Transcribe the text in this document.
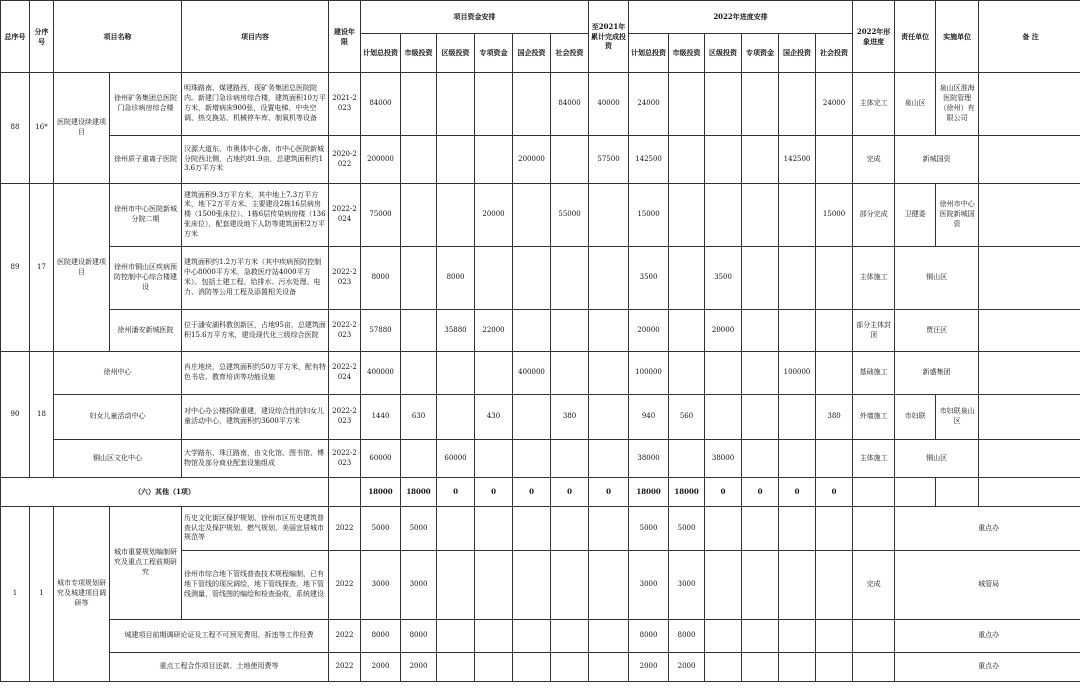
总序号	分序号	项目名称		项目内容	建设年限	项目资金安排						至2021年累计完成投资	2022年进度安排						2022年形象进度	责任单位	实施单位	备 注
						计划总投资	市级投资	区级投资	专项资金	国企投资	社会投资		计划总投资	市级投资	区级投资	专项资金	国企投资	社会投资				
88	16*	医院建设续建项目	徐州矿务集团总医院门急诊病房综合楼	明珠路南、煤建路西，现矿务集团总医院院内。新建门急诊病房综合楼，建筑面积10万平方米，新增病床900张，设置电梯、中央空调、热交换站、机械停车库、制氧机等设备	2021-2023	84000					84000	40000	24000					24000	主体完工	泉山区	泉山区淮海医院管理（徐州）有限公司	
			徐州质子重离子医院	汉源大道东、市奥体中心南、市中心医院新城分院西北侧，占地约81.9亩，总建筑面积约13.6万平方米	2020-2022	200000				200000		57500	142500				142500		完成	新城国资		
89	17	医院建设新建项目	徐州市中心医院新城分院二期	建筑面积9.3万平方米，其中地上7.3万平方米，地下2万平方米。主要建设2栋16层病房楼（1500张床位）、1栋6层传染病房楼（136张床位），配套建设地下人防等建筑面积2万平方米	2022-2024	75000			20000		55000		15000					15000	部分完成	卫健委	徐州市中心医院新城国资	
			徐州市铜山区疾病预防控制中心综合楼建设	建筑面积约1.2万平方米（其中疾病预防控制中心8000平方米，急救医疗站4000平方米）。包括土建工程、给排水、污水处理、电力、消防等公用工程及添置相关设备	2022-2023	8000		8000					3500		3500				主体施工	铜山区		
			徐州潘安新城医院	位于潘安湖科教创新区，占地95亩，总建筑面积15.6万平方米，建设现代化三级综合医院	2022-2023	57880		35880	22000				20000		20000				部分主体封顶	贾汪区		
90	18	徐州中心		肖庄地块，总建筑面积约50万平方米，配有特色书店、教育培训等功能设施	2022-2024	400000				400000			100000				100000		基础施工	新盛集团		
		妇女儿童活动中心		对中心办公楼拆除重建，建设综合性的妇女儿童活动中心，建筑面积约3600平方米	2022-2023	1440	630		430		380		940	560				380	外墙施工	市妇联	市妇联泉山区	
		铜山区文化中心		大学路东、珠江路南，由文化馆、图书馆、博物馆及部分商业配套设施组成	2022-2023	60000		60000					38000		38000				主体施工	铜山区		
（六）其他（1项）						18000	18000	0	0	0	0	0	18000	18000	0	0	0	0				
1	1	城市专项规划研究及城建项目调研等	城市重要规划编制研究及重点工程前期研究	历史文化街区保护规划、徐州市区历史建筑普查认定及保护规划、燃气规划、美丽宜居城市规范等	2022	5000	5000						5000	5000						重点办		
				徐州市综合地下管线普查技术规程编制，已有地下管线的现况调绘，地下管线探查，地下管线测量，管线图的编绘和检查验收，系统建设	2022	3000	3000						3000	3000					完成	城管局		
			城建项目前期调研论证及工程不可预见费用、拆违等工作经费		2022	8000	8000						8000	8000						重点办		
			重点工程合作项目还款、土地使用费等		2022	2000	2000						2000	2000						重点办		
